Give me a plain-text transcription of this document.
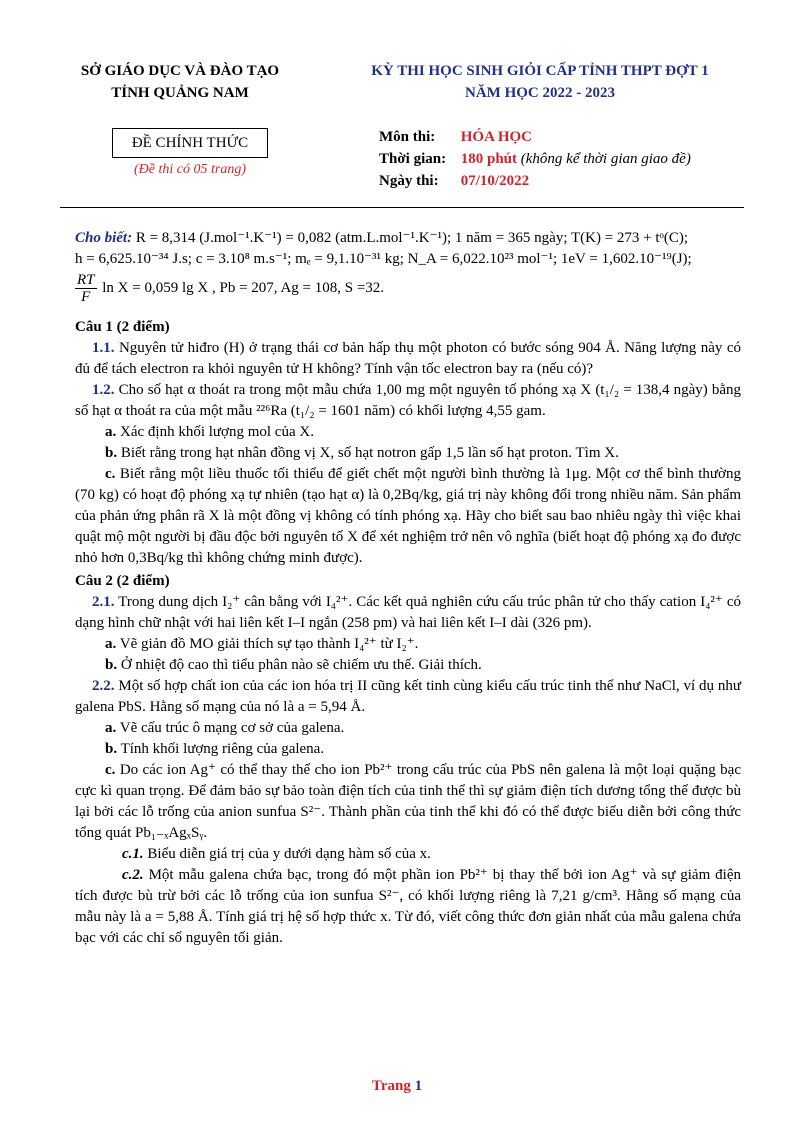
SỞ GIÁO DỤC VÀ ĐÀO TẠO
TỈNH QUẢNG NAM
KỲ THI HỌC SINH GIỎI CẤP TỈNH THPT ĐỢT 1
NĂM HỌC 2022 - 2023
ĐỀ CHÍNH THỨC
(Đề thi có 05 trang)
Môn thi: HÓA HỌC
Thời gian: 180 phút (không kể thời gian giao đề)
Ngày thi: 07/10/2022

Cho biết: R = 8,314 (J.mol⁻¹.K⁻¹) = 0,082 (atm.L.mol⁻¹.K⁻¹); 1 năm = 365 ngày; T(K) = 273 + tᵒ(C);

h = 6,625.10⁻³⁴ J.s; c = 3.10⁸ m.s⁻¹; mₑ = 9,1.10⁻³¹ kg; N_A = 6,022.10²³ mol⁻¹; 1eV = 1,602.10⁻¹⁹(J);

$\frac{RT}{F}$ ln X = 0,059 lg X , Pb = 207, Ag = 108, S =32.

Câu 1 (2 điểm)

1.1. Nguyên tử hiđro (H) ở trạng thái cơ bản hấp thụ một photon có bước sóng 904 Å. Năng lượng này có đủ để tách electron ra khỏi nguyên tử H không? Tính vận tốc electron bay ra (nếu có)?

1.2. Cho số hạt α thoát ra trong một mẫu chứa 1,00 mg một nguyên tố phóng xạ X (t₁/₂ = 138,4 ngày) bằng số hạt α thoát ra của một mẫu ²²⁶Ra (t₁/₂ = 1601 năm) có khối lượng 4,55 gam.

a. Xác định khối lượng mol của X.

b. Biết rằng trong hạt nhân đồng vị X, số hạt notron gấp 1,5 lần số hạt proton. Tìm X.

c. Biết rằng một liều thuốc tối thiểu để giết chết một người bình thường là 1μg. Một cơ thể bình thường (70 kg) có hoạt độ phóng xạ tự nhiên (tạo hạt α) là 0,2Bq/kg, giá trị này không đổi trong nhiều năm. Sản phẩm của phản ứng phân rã X là một đồng vị không có tính phóng xạ. Hãy cho biết sau bao nhiêu ngày thì việc khai quật mộ một người bị đầu độc bởi nguyên tố X để xét nghiệm trở nên vô nghĩa (biết hoạt độ phóng xạ đo được nhỏ hơn 0,3Bq/kg thì không chứng minh được).

Câu 2 (2 điểm)

2.1. Trong dung dịch I₂⁺ cân bằng với I₄²⁺. Các kết quả nghiên cứu cấu trúc phân tử cho thấy cation I₄²⁺ có dạng hình chữ nhật với hai liên kết I–I ngắn (258 pm) và hai liên kết I–I dài (326 pm).

a. Vẽ giản đồ MO giải thích sự tạo thành I₄²⁺ từ I₂⁺.

b. Ở nhiệt độ cao thì tiểu phân nào sẽ chiếm ưu thế. Giải thích.

2.2. Một số hợp chất ion của các ion hóa trị II cũng kết tinh cùng kiểu cấu trúc tinh thể như NaCl, ví dụ như galena PbS. Hằng số mạng của nó là a = 5,94 Å.

a. Vẽ cấu trúc ô mạng cơ sở của galena.

b. Tính khối lượng riêng của galena.

c. Do các ion Ag⁺ có thể thay thế cho ion Pb²⁺ trong cấu trúc của PbS nên galena là một loại quặng bạc cực kì quan trọng. Để đảm bảo sự bảo toàn điện tích của tinh thể thì sự giảm điện tích dương tổng thể được bù lại bởi các lỗ trống của anion sunfua S²⁻. Thành phần của tinh thể khi đó có thể được biểu diễn bởi công thức tổng quát Pb₁₋ₓAgₓSᵧ.

c.1. Biểu diễn giá trị của y dưới dạng hàm số của x.

c.2. Một mẫu galena chứa bạc, trong đó một phần ion Pb²⁺ bị thay thế bởi ion Ag⁺ và sự giảm điện tích được bù trừ bởi các lỗ trống của ion sunfua S²⁻, có khối lượng riêng là 7,21 g/cm³. Hằng số mạng của mẫu này là a = 5,88 Å. Tính giá trị hệ số hợp thức x. Từ đó, viết công thức đơn giản nhất của mẫu galena chứa bạc với các chỉ số nguyên tối giản.

Trang 1
